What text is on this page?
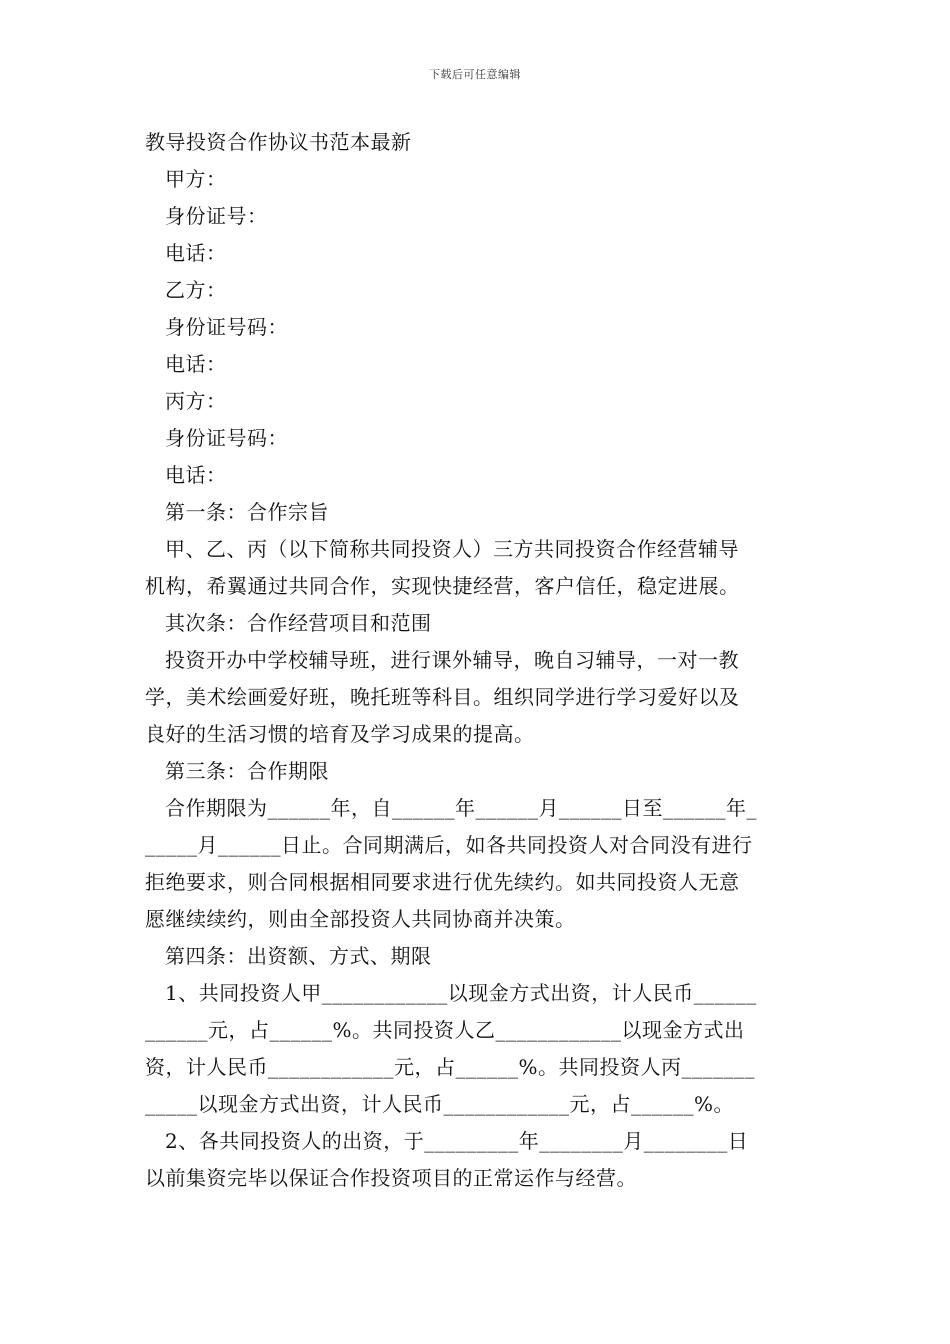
下载后可任意编辑
教导投资合作协议书范本最新
甲方：
身份证号：
电话：
乙方：
身份证号码：
电话：
丙方：
身份证号码：
电话：
第一条：合作宗旨
甲、乙、丙（以下简称共同投资人）三方共同投资合作经营辅导
机构，希翼通过共同合作，实现快捷经营，客户信任，稳定进展。
其次条：合作经营项目和范围
投资开办中学校辅导班，进行课外辅导，晚自习辅导，一对一教
学，美术绘画爱好班，晚托班等科目。组织同学进行学习爱好以及
良好的生活习惯的培育及学习成果的提高。
第三条：合作期限
合作期限为______年，自______年______月______日至______年_
_____月______日止。合同期满后，如各共同投资人对合同没有进行
拒绝要求，则合同根据相同要求进行优先续约。如共同投资人无意
愿继续续约，则由全部投资人共同协商并决策。
第四条：出资额、方式、期限
1、共同投资人甲____________以现金方式出资，计人民币______
______元，占______%。共同投资人乙____________以现金方式出
资，计人民币____________元，占______%。共同投资人丙_______
_____以现金方式出资，计人民币____________元，占______%。
2、各共同投资人的出资，于_________年________月________日
以前集资完毕以保证合作投资项目的正常运作与经营。
